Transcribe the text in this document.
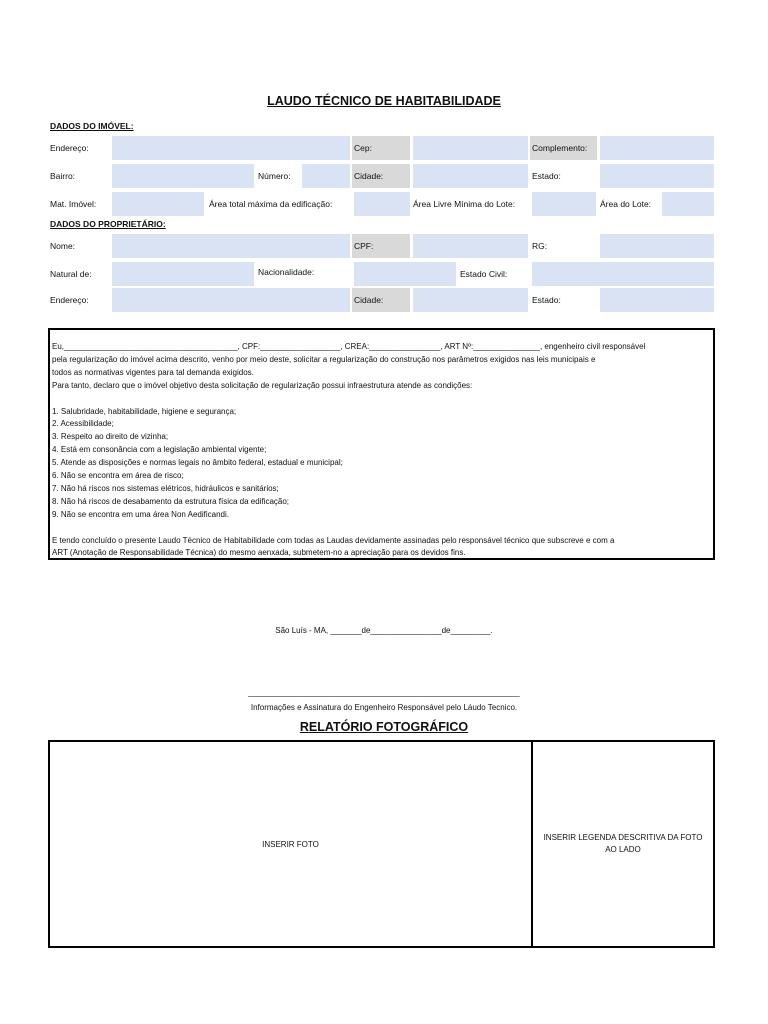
LAUDO TÉCNICO DE HABITABILIDADE
DADOS DO IMÓVEL:
Endereço:	Cep:	Complemento:
Bairro:	Número:	Cidade:	Estado:
Mat. Imóvel:	Área total máxima da edificação:	Área Livre Mínima do Lote:	Área do Lote:
DADOS DO PROPRIETÁRIO:
Nome:	CPF:	RG:
Natural de:	Nacionalidade:	Estado Civil:
Endereço:	Cidade:	Estado:

Eu,_______________________________________, CPF:__________________, CREA:________________, ART Nº:_______________, engenheiro civil responsável

pela regularização do imóvel acima descrito, venho por meio deste, solicitar a regularização do construção nos parâmetros exigidos nas leis municipais e

todos as normativas vigentes para tal demanda exigidos.

Para tanto, declaro que o imóvel objetivo desta solicitação de regularização possui infraestrutura atende as condições:

1. Salubridade, habitabilidade, higiene e segurança;

2. Acessibilidade;

3. Respeito ao direito de vizinha;

4. Está em consonância com a legislação ambiental vigente;

5. Atende as disposições e normas legais no âmbito federal, estadual e municipal;

6. Não se encontra em área de risco;

7. Não há riscos nos sistemas elétricos, hidráulicos e sanitários;

8. Não há riscos de desabamento da estrutura física da edificação;

9. Não se encontra em uma área Non Aedificandi.

E tendo concluído o presente Laudo Técnico de Habitabilidade com todas as Laudas devidamente assinadas pelo responsável técnico que subscreve e com a

ART (Anotação de Responsabilidade Técnica) do mesmo aenxada, submetem-no a apreciação para os devidos fins.

São Luís - MA, _______de________________de_________.
_____________________________________________________________
Informações e Assinatura do Engenheiro Responsável pelo Láudo Tecnico.
RELATÓRIO FOTOGRÁFICO
INSERIR FOTO
INSERIR LEGENDA DESCRITIVA DA FOTO AO LADO
